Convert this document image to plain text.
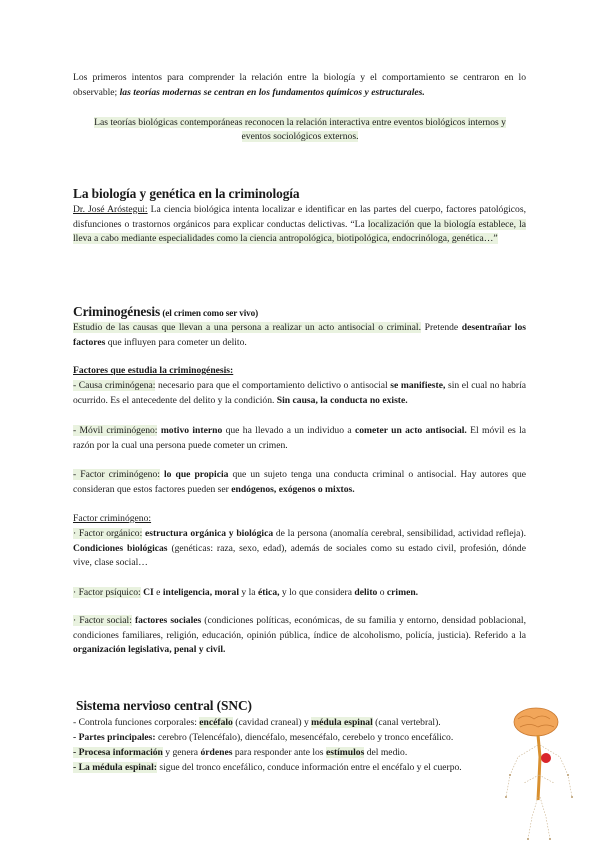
Los primeros intentos para comprender la relación entre la biología y el comportamiento se centraron en lo observable; las teorías modernas se centran en los fundamentos químicos y estructurales.

Las teorías biológicas contemporáneas reconocen la relación interactiva entre eventos biológicos internos y eventos sociológicos externos.

La biología y genética en la criminología

Dr. José Aróstegui: La ciencia biológica intenta localizar e identificar en las partes del cuerpo, factores patológicos, disfunciones o trastornos orgánicos para explicar conductas delictivas. “La localización que la biología establece, la lleva a cabo mediante especialidades como la ciencia antropológica, biotipológica, endocrinóloga, genética…”

Criminogénesis (el crimen como ser vivo)

Estudio de las causas que llevan a una persona a realizar un acto antisocial o criminal. Pretende desentrañar los factores que influyen para cometer un delito.

Factores que estudia la criminogénesis:

- Causa criminógena: necesario para que el comportamiento delictivo o antisocial se manifieste, sin el cual no habría ocurrido. Es el antecedente del delito y la condición. Sin causa, la conducta no existe.

- Móvil criminógeno: motivo interno que ha llevado a un individuo a cometer un acto antisocial. El móvil es la razón por la cual una persona puede cometer un crimen.

- Factor criminógeno: lo que propicia que un sujeto tenga una conducta criminal o antisocial. Hay autores que consideran que estos factores pueden ser endógenos, exógenos o mixtos.

Factor criminógeno:

· Factor orgánico: estructura orgánica y biológica de la persona (anomalía cerebral, sensibilidad, actividad refleja). Condiciones biológicas (genéticas: raza, sexo, edad), además de sociales como su estado civil, profesión, dónde vive, clase social…

· Factor psíquico: CI e inteligencia, moral y la ética, y lo que considera delito o crimen.

· Factor social: factores sociales (condiciones políticas, económicas, de su familia y entorno, densidad poblacional, condiciones familiares, religión, educación, opinión pública, índice de alcoholismo, policía, justicia). Referido a la organización legislativa, penal y civil.

Sistema nervioso central (SNC)

- Controla funciones corporales: encéfalo (cavidad craneal) y médula espinal (canal vertebral).

- Partes principales: cerebro (Telencéfalo), diencéfalo, mesencéfalo, cerebelo y tronco encefálico.

- Procesa información y genera órdenes para responder ante los estímulos del medio.

- La médula espinal: sigue del tronco encefálico, conduce información entre el encéfalo y el cuerpo.
